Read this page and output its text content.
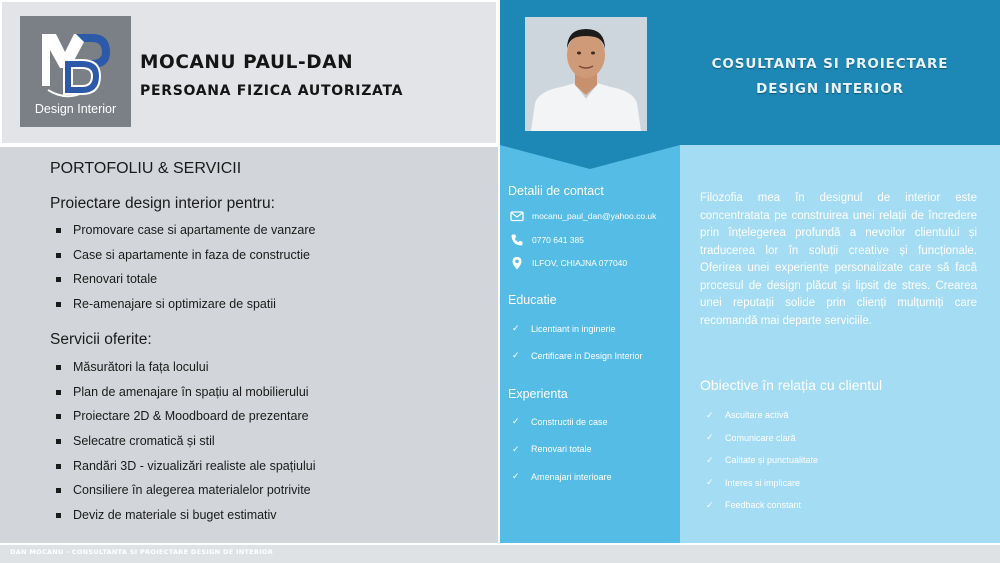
Design Interior
MOCANU PAUL-DAN
PERSOANA FIZICA AUTORIZATA
COSULTANTA SI PROIECTARE
DESIGN INTERIOR
PORTOFOLIU & SERVICII
Proiectare design interior pentru:
Promovare case si apartamente de vanzare
Case si apartamente in faza de constructie
Renovari totale
Re-amenajare si optimizare de spatii
Servicii oferite:
Măsurători la fața locului
Plan de amenajare în spațiu al mobilierului
Proiectare 2D & Moodboard de prezentare
Selecatre cromatică și stil
Randări 3D - vizualizări realiste ale spațiului
Consiliere în alegerea materialelor potrivite
Deviz de materiale si buget estimativ
Detalii de contact
mocanu_paul_dan@yahoo.co.uk
0770 641 385
ILFOV, CHIAJNA 077040
Educatie
✓ Licentiant in inginerie
✓ Certificare in Design Interior
Experienta
✓ Constructii de case
✓ Renovari totale
✓ Amenajari interioare
Filozofia mea în designul de interior este concentratata pe construirea unei relații de încredere prin înțelegerea profundă a nevoilor clientului și traducerea lor în soluții creative și funcționale. Oferirea unei experiențe personalizate care să facă procesul de design plăcut și lipsit de stres. Crearea unei reputații solide prin clienți mulțumiți care recomandă mai departe serviciile.
Obiective în relația cu clientul
✓ Ascultare activă
✓ Comunicare clară
✓ Calitate și punctualitate
✓ Interes si implicare
✓ Feedback constant
DAN MOCANU - CONSULTANTA SI PROIECTARE DESIGN DE INTERIOR
